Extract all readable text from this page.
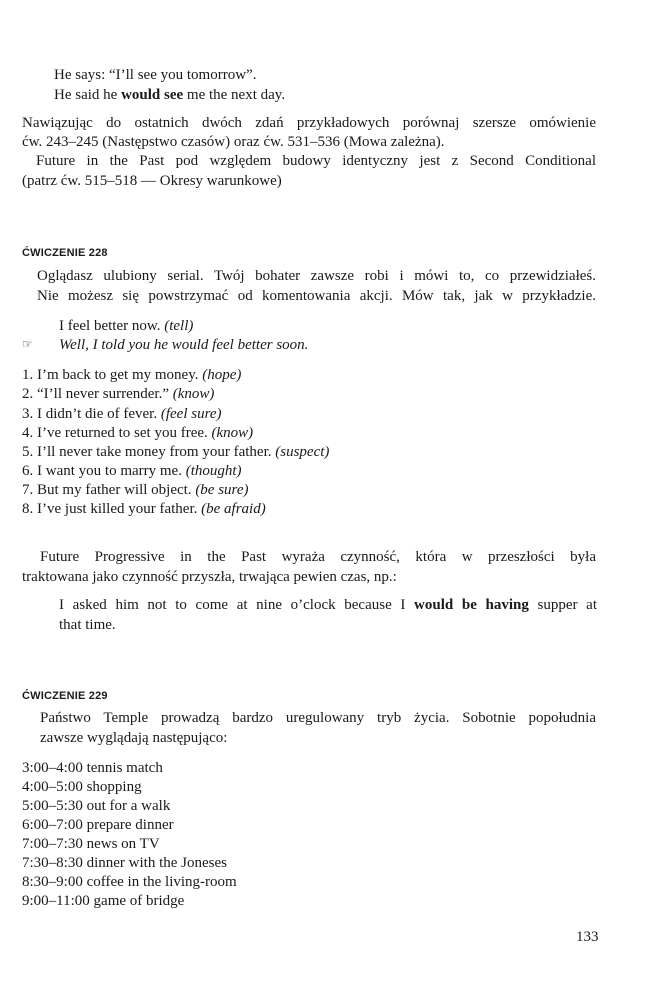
He says: “I’ll see you tomorrow”.
He said he would see me the next day.
Nawiązując do ostatnich dwóch zdań przykładowych porównaj szersze omówienie
ćw. 243–245 (Następstwo czasów) oraz ćw. 531–536 (Mowa zależna).
Future in the Past pod względem budowy identyczny jest z Second Conditional
(patrz ćw. 515–518 — Okresy warunkowe)
ĆWICZENIE 228
Oglądasz ulubiony serial. Twój bohater zawsze robi i mówi to, co przewidziałeś.
Nie możesz się powstrzymać od komentowania akcji. Mów tak, jak w przykładzie.
I feel better now. (tell)
☞ Well, I told you he would feel better soon.
1. I’m back to get my money. (hope)
2. “I’ll never surrender.” (know)
3. I didn’t die of fever. (feel sure)
4. I’ve returned to set you free. (know)
5. I’ll never take money from your father. (suspect)
6. I want you to marry me. (thought)
7. But my father will object. (be sure)
8. I’ve just killed your father. (be afraid)
Future Progressive in the Past wyraża czynność, która w przeszłości była
traktowana jako czynność przyszła, trwająca pewien czas, np.:
I asked him not to come at nine o’clock because I would be having supper at
that time.
ĆWICZENIE 229
Państwo Temple prowadzą bardzo uregulowany tryb życia. Sobotnie popołudnia
zawsze wyglądają następująco:
3:00–4:00 tennis match
4:00–5:00 shopping
5:00–5:30 out for a walk
6:00–7:00 prepare dinner
7:00–7:30 news on TV
7:30–8:30 dinner with the Joneses
8:30–9:00 coffee in the living-room
9:00–11:00 game of bridge
133
